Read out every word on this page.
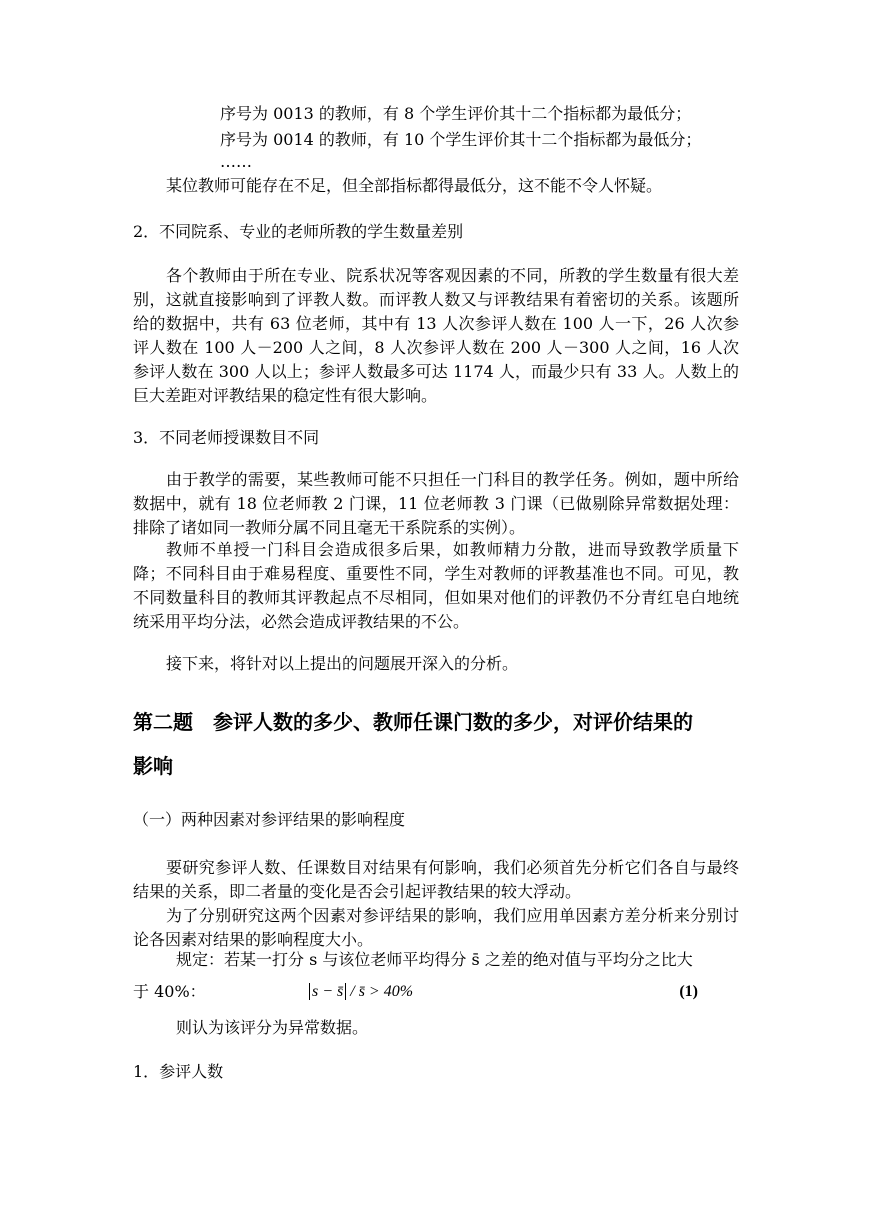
序号为 0013 的教师，有 8 个学生评价其十二个指标都为最低分；
序号为 0014 的教师，有 10 个学生评价其十二个指标都为最低分；
……
某位教师可能存在不足，但全部指标都得最低分，这不能不令人怀疑。
2．不同院系、专业的老师所教的学生数量差别
各个教师由于所在专业、院系状况等客观因素的不同，所教的学生数量有很大差别，这就直接影响到了评教人数。而评教人数又与评教结果有着密切的关系。该题所给的数据中，共有 63 位老师，其中有 13 人次参评人数在 100 人一下，26 人次参评人数在 100 人－200 人之间，8 人次参评人数在 200 人－300 人之间，16 人次参评人数在 300 人以上；参评人数最多可达 1174 人，而最少只有 33 人。人数上的巨大差距对评教结果的稳定性有很大影响。
3．不同老师授课数目不同
由于教学的需要，某些教师可能不只担任一门科目的教学任务。例如，题中所给数据中，就有 18 位老师教 2 门课，11 位老师教 3 门课（已做剔除异常数据处理：排除了诸如同一教师分属不同且毫无干系院系的实例）。
教师不单授一门科目会造成很多后果，如教师精力分散，进而导致教学质量下降；不同科目由于难易程度、重要性不同，学生对教师的评教基准也不同。可见，教不同数量科目的教师其评教起点不尽相同，但如果对他们的评教仍不分青红皂白地统统采用平均分法，必然会造成评教结果的不公。
接下来，将针对以上提出的问题展开深入的分析。
第二题　参评人数的多少、教师任课门数的多少，对评价结果的
影响
（一）两种因素对参评结果的影响程度
要研究参评人数、任课数目对结果有何影响，我们必须首先分析它们各自与最终结果的关系，即二者量的变化是否会引起评教结果的较大浮动。
为了分别研究这两个因素对参评结果的影响，我们应用单因素方差分析来分别讨论各因素对结果的影响程度大小。
规定：若某一打分 s 与该位老师平均得分 s̄ 之差的绝对值与平均分之比大
于 40%：	s − s̄ / s̄ > 40%	(1)
则认为该评分为异常数据。
1．参评人数
